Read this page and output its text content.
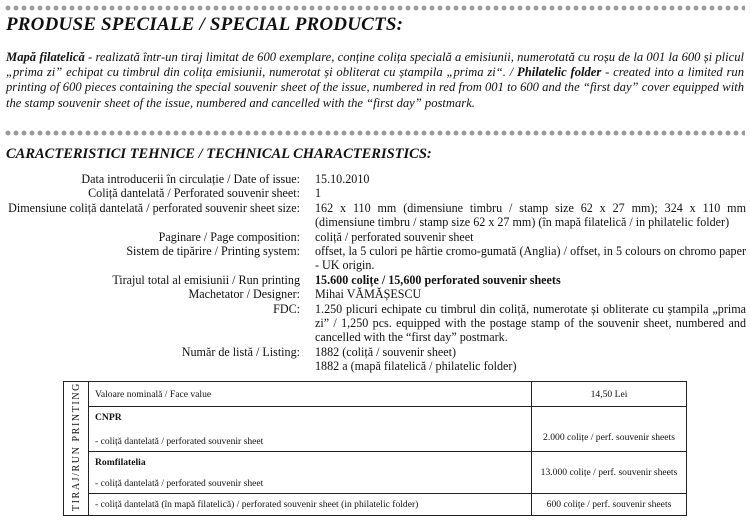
PRODUSE SPECIALE / SPECIAL PRODUCTS:
Mapă filatelică - realizată într-un tiraj limitat de 600 exemplare, conține colița specială a emisiunii, numerotată cu roșu de la 001 la 600 și plicul „prima zi” echipat cu timbrul din colița emisiunii, numerotat și obliterat cu ștampila „prima zi“. / Philatelic folder - created into a limited run printing of 600 pieces containing the special souvenir sheet of the issue, numbered in red from 001 to 600 and the “first day” cover equipped with the stamp souvenir sheet of the issue, numbered and cancelled with the “first day” postmark.
CARACTERISTICI TEHNICE / TECHNICAL CHARACTERISTICS:
Data introducerii în circulație / Date of issue:	15.10.2010
Coliță dantelată / Perforated souvenir sheet:	1
Dimensiune coliță dantelată / perforated souvenir sheet size:	162 x 110 mm (dimensiune timbru / stamp size 62 x 27 mm); 324 x 110 mm (dimensiune timbru / stamp size 62 x 27 mm) (în mapă filatelică / in philatelic folder)
Paginare / Page composition:	coliță / perforated souvenir sheet
Sistem de tipărire / Printing system:	offset, la 5 culori pe hârtie cromo-gumată (Anglia) / offset, in 5 colours on chromo paper - UK origin.
Tirajul total al emisiunii / Run printing	15.600 colițe / 15,600 perforated souvenir sheets
Machetator / Designer:	Mihai VĂMĂȘESCU
FDC:	1.250 plicuri echipate cu timbrul din coliță, numerotate și obliterate cu ștampila „prima zi” / 1,250 pcs. equipped with the postage stamp of the souvenir sheet, numbered and cancelled with the “first day” postmark.
Număr de listă / Listing:	1882 (coliță / souvenir sheet)
1882 a (mapă filatelică / philatelic folder)
TIRAJ/RUN PRINTING	Valoare nominală / Face value	14,50 Lei

	CNPR
- coliță dantelată / perforated souvenir sheet	2.000 colițe / perf. souvenir sheets

	Romfilatelia
- coliță dantelată / perforated souvenir sheet	13.000 colițe / perf. souvenir sheets
	- coliță dantelată (în mapă filatelică) / perforated souvenir sheet (in philatelic folder)	600 colițe / perf. souvenir sheets
